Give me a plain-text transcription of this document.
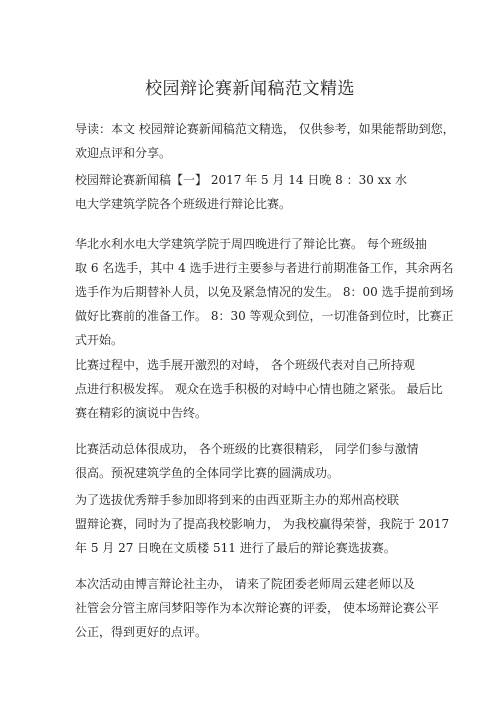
校园辩论赛新闻稿范文精选

导读：本文 校园辩论赛新闻稿范文精选， 仅供参考，如果能帮助到您，
欢迎点评和分享。

校园辩论赛新闻稿【一】 2017 年 5 月 14 日晚 8 ：30 xx 水
电大学建筑学院各个班级进行辩论比赛。

华北水利水电大学建筑学院于周四晚进行了辩论比赛。 每个班级抽
取 6 名选手，其中 4 选手进行主要参与者进行前期准备工作，其余两名
选手作为后期替补人员，以免及紧急情况的发生。 8：00 选手提前到场
做好比赛前的准备工作。 8：30 等观众到位，一切准备到位时，比赛正
式开始。

比赛过程中，选手展开激烈的对峙， 各个班级代表对自己所持观
点进行积极发挥。 观众在选手积极的对峙中心情也随之紧张。 最后比
赛在精彩的演说中告终。

比赛活动总体很成功， 各个班级的比赛很精彩， 同学们参与激情
很高。预祝建筑学鱼的全体同学比赛的圆满成功。

为了选拔优秀辩手参加即将到来的由西亚斯主办的郑州高校联
盟辩论赛，同时为了提高我校影响力， 为我校赢得荣誉，我院于 2017
年 5 月 27 日晚在文质楼 511 进行了最后的辩论赛选拔赛。

本次活动由博言辩论社主办， 请来了院团委老师周云建老师以及
社管会分管主席闫梦阳等作为本次辩论赛的评委， 使本场辩论赛公平
公正，得到更好的点评。
